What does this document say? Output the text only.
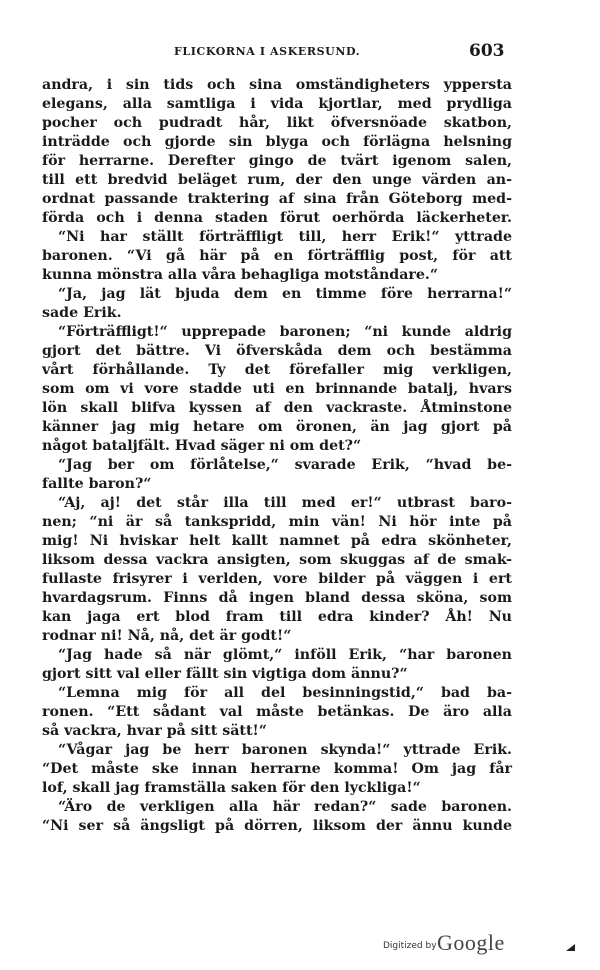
FLICKORNA I ASKERSUND.	603
andra, i sin tids och sina omständigheters yppersta
elegans, alla samtliga i vida kjortlar, med prydliga
pocher och pudradt hår, likt öfversnöade skatbon,
inträdde och gjorde sin blyga och förlägna helsning
för herrarne. Derefter gingo de tvärt igenom salen,
till ett bredvid beläget rum, der den unge värden an-
ordnat passande traktering af sina från Göteborg med-
förda och i denna staden förut oerhörda läckerheter.
“Ni har ställt förträffligt till, herr Erik!“ yttrade
baronen. “Vi gå här på en förträfflig post, för att
kunna mönstra alla våra behagliga motståndare.“
“Ja, jag lät bjuda dem en timme före herrarna!“
sade Erik.
“Förträffligt!“ upprepade baronen; “ni kunde aldrig
gjort det bättre. Vi öfverskåda dem och bestämma
vårt förhållande. Ty det förefaller mig verkligen,
som om vi vore stadde uti en brinnande batalj, hvars
lön skall blifva kyssen af den vackraste. Åtminstone
känner jag mig hetare om öronen, än jag gjort på
något bataljfält. Hvad säger ni om det?“
“Jag ber om förlåtelse,“ svarade Erik, “hvad be-
fallte baron?“
“Aj, aj! det står illa till med er!“ utbrast baro-
nen; “ni är så tankspridd, min vän! Ni hör inte på
mig! Ni hviskar helt kallt namnet på edra skönheter,
liksom dessa vackra ansigten, som skuggas af de smak-
fullaste frisyrer i verlden, vore bilder på väggen i ert
hvardagsrum. Finns då ingen bland dessa sköna, som
kan jaga ert blod fram till edra kinder? Åh! Nu
rodnar ni! Nå, nå, det är godt!“
“Jag hade så när glömt,“ inföll Erik, “har baronen
gjort sitt val eller fällt sin vigtiga dom ännu?“
“Lemna mig för all del besinningstid,“ bad ba-
ronen. “Ett sådant val måste betänkas. De äro alla
så vackra, hvar på sitt sätt!“
“Vågar jag be herr baronen skynda!“ yttrade Erik.
“Det måste ske innan herrarne komma! Om jag får
lof, skall jag framställa saken för den lyckliga!“
“Äro de verkligen alla här redan?“ sade baronen.
“Ni ser så ängsligt på dörren, liksom der ännu kunde
Digitized by Google
